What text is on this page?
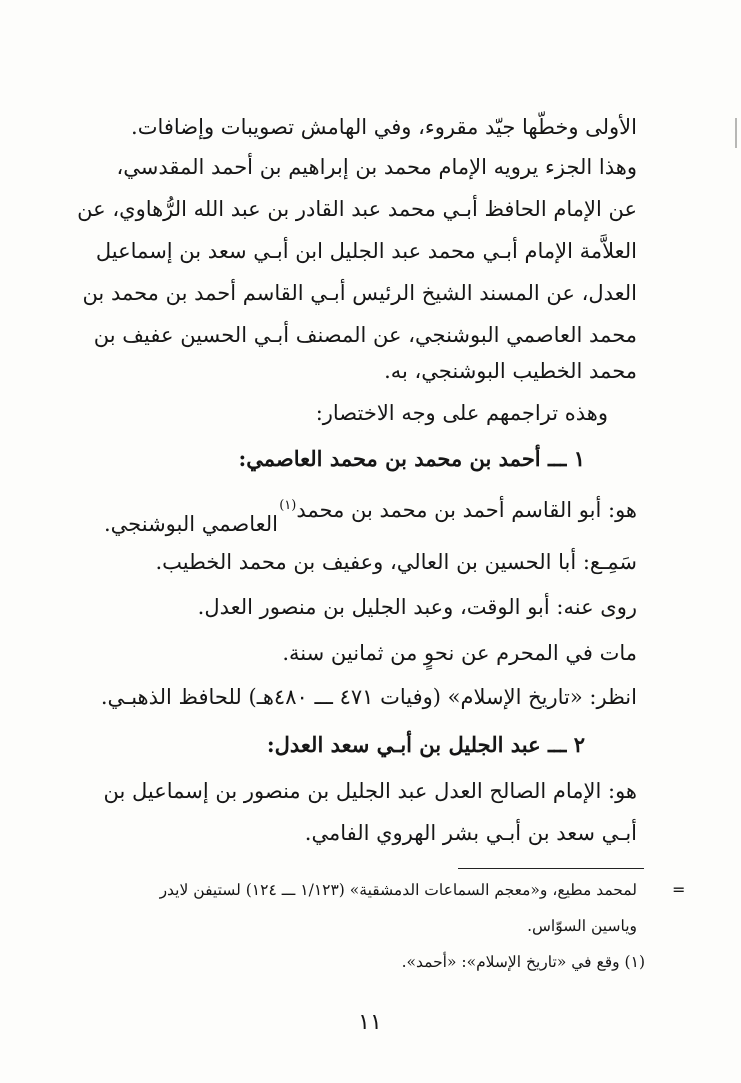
الأولى وخطّها جيّد مقروء، وفي الهامش تصويبات وإضافات.
وهذا الجزء يرويه الإمام محمد بن إبراهيم بن أحمد المقدسي،
عن الإمام الحافظ أبـي محمد عبد القادر بن عبد الله الرُّهاوي، عن
العلاَّمة الإمام أبـي محمد عبد الجليل ابن أبـي سعد بن إسماعيل
العدل، عن المسند الشيخ الرئيس أبـي القاسم أحمد بن محمد بن
محمد العاصمي البوشنجي، عن المصنف أبـي الحسين عفيف بن
محمد الخطيب البوشنجي، به.
وهذه تراجمهم على وجه الاختصار:
١ ـــ أحمد بن محمد بن محمد العاصمي:
هو: أبو القاسم أحمد بن محمد بن محمد$^{(١)}$
العاصمي البوشنجي.
سَمِـع: أبا الحسين بن العالي، وعفيف بن محمد الخطيب.
روى عنه: أبو الوقت، وعبد الجليل بن منصور العدل.
مات في المحرم عن نحوٍ من ثمانين سنة.
انظر: «تاريخ الإسلام» (وفيات ٤٧١ ـــ ٤٨٠هـ) للحافظ الذهبـي.
٢ ـــ عبد الجليل بن أبـي سعد العدل:
هو: الإمام الصالح العدل عبد الجليل بن منصور بن إسماعيل بن
أبـي سعد بن أبـي بشر الهروي الفامي.
=
لمحمد مطيع، و«معجم السماعات الدمشقية» (١/١٢٣ ـــ ١٢٤) لستيفن لايدر
وياسين السوّاس.
(١) وقع في «تاريخ الإسلام»: «أحمد».
١١
